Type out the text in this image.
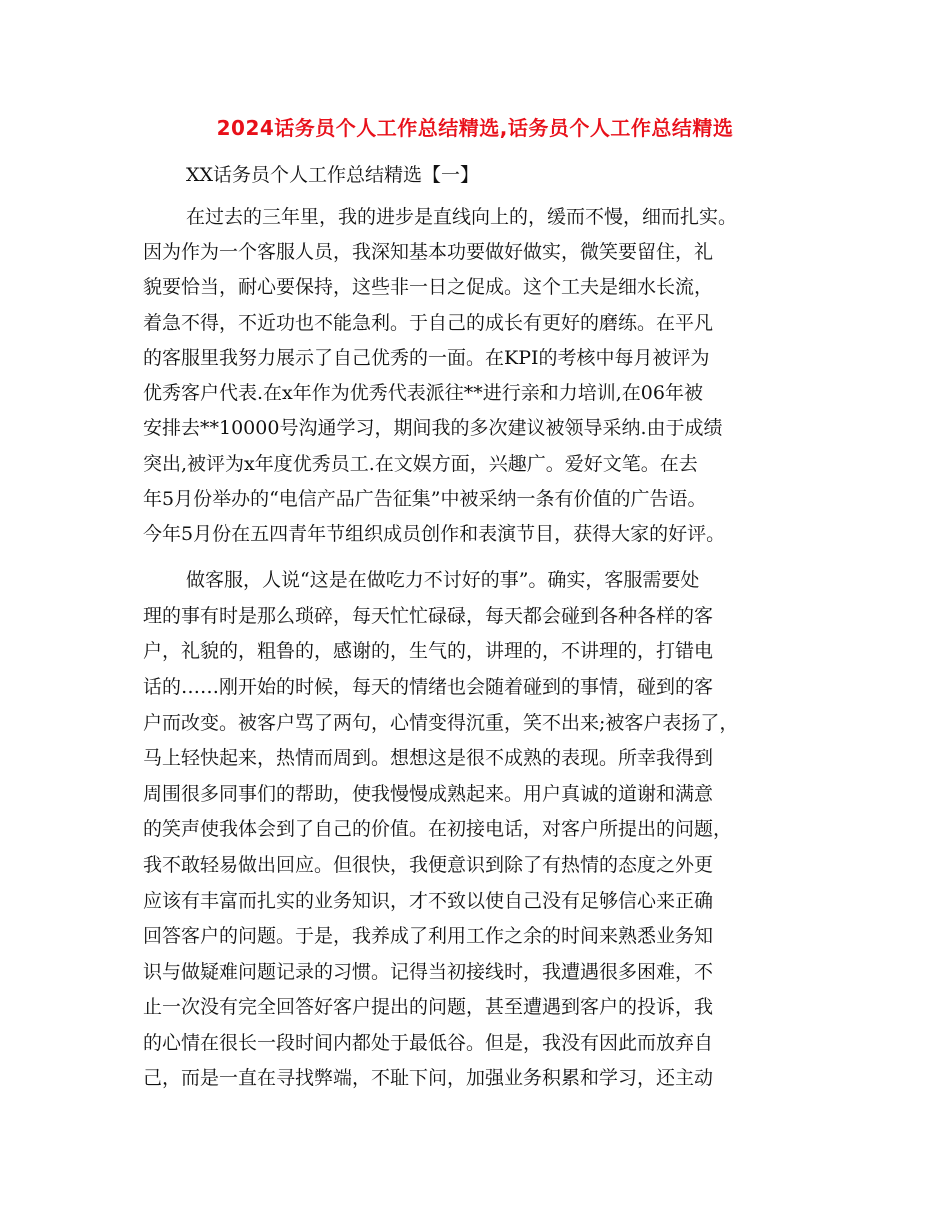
2024话务员个人工作总结精选,话务员个人工作总结精选
XX话务员个人工作总结精选【一】
在过去的三年里，我的进步是直线向上的，缓而不慢，细而扎实。
因为作为一个客服人员，我深知基本功要做好做实，微笑要留住，礼
貌要恰当，耐心要保持，这些非一日之促成。这个工夫是细水长流，
着急不得，不近功也不能急利。于自己的成长有更好的磨练。在平凡
的客服里我努力展示了自己优秀的一面。在KPI的考核中每月被评为
优秀客户代表.在x年作为优秀代表派往**进行亲和力培训,在06年被
安排去**10000号沟通学习，期间我的多次建议被领导采纳.由于成绩
突出,被评为x年度优秀员工.在文娱方面，兴趣广。爱好文笔。在去
年5月份举办的“电信产品广告征集”中被采纳一条有价值的广告语。
今年5月份在五四青年节组织成员创作和表演节目，获得大家的好评。
做客服，人说“这是在做吃力不讨好的事”。确实，客服需要处
理的事有时是那么琐碎，每天忙忙碌碌，每天都会碰到各种各样的客
户，礼貌的，粗鲁的，感谢的，生气的，讲理的，不讲理的，打错电
话的……刚开始的时候，每天的情绪也会随着碰到的事情，碰到的客
户而改变。被客户骂了两句，心情变得沉重，笑不出来;被客户表扬了，
马上轻快起来，热情而周到。想想这是很不成熟的表现。所幸我得到
周围很多同事们的帮助，使我慢慢成熟起来。用户真诚的道谢和满意
的笑声使我体会到了自己的价值。在初接电话，对客户所提出的问题，
我不敢轻易做出回应。但很快，我便意识到除了有热情的态度之外更
应该有丰富而扎实的业务知识，才不致以使自己没有足够信心来正确
回答客户的问题。于是，我养成了利用工作之余的时间来熟悉业务知
识与做疑难问题记录的习惯。记得当初接线时，我遭遇很多困难，不
止一次没有完全回答好客户提出的问题，甚至遭遇到客户的投诉，我
的心情在很长一段时间内都处于最低谷。但是，我没有因此而放弃自
己，而是一直在寻找弊端，不耻下问，加强业务积累和学习，还主动
